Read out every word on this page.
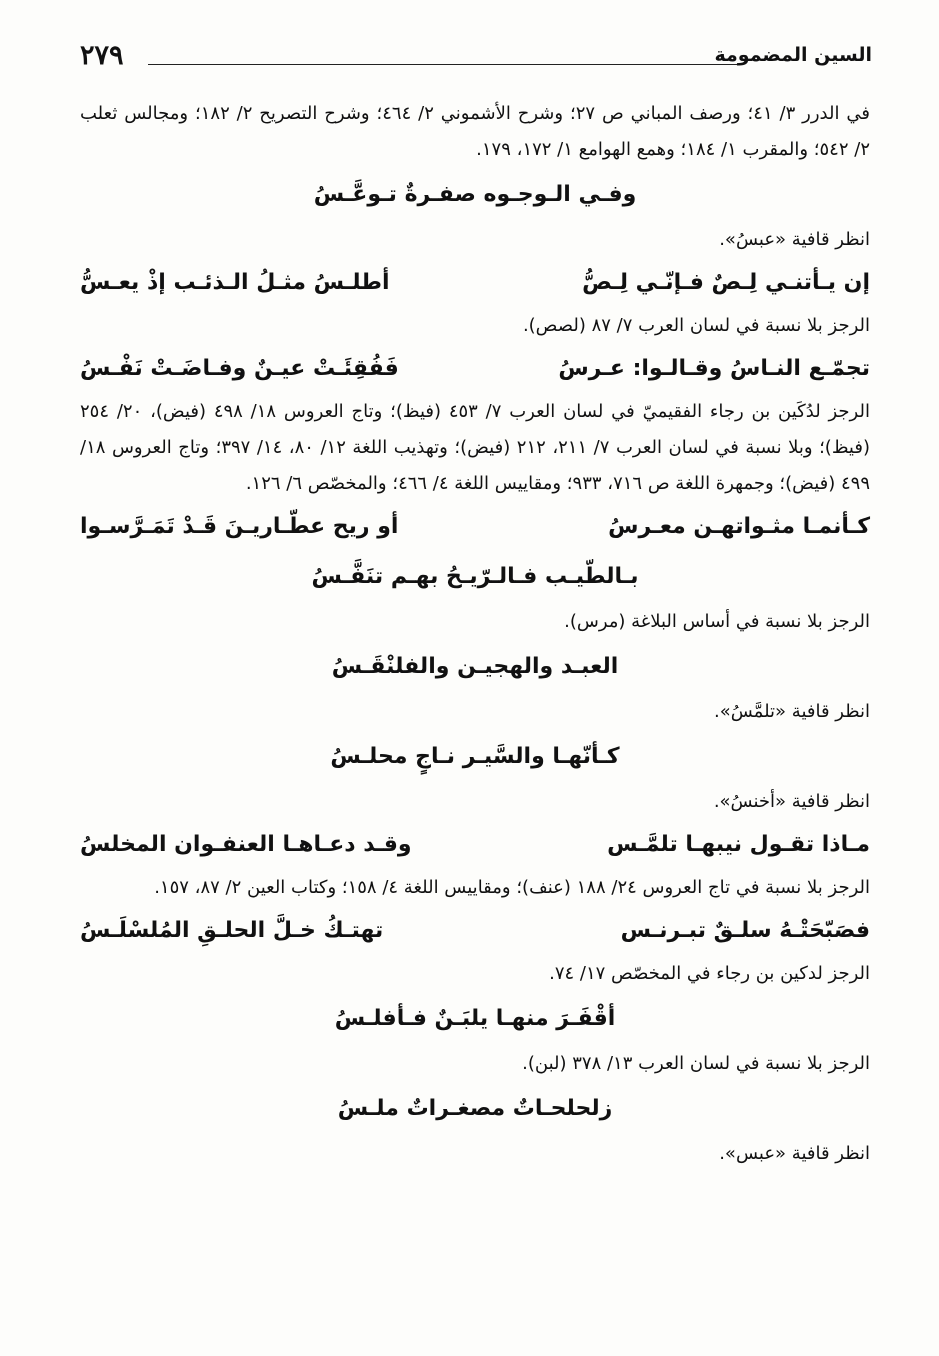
٢٧٩	السين المضمومة

في الدرر ٣/ ٤١؛ ورصف المباني ص ٢٧؛ وشرح الأشموني ٢/ ٤٦٤؛ وشرح التصريح ٢/ ١٨٢؛ ومجالس ثعلب ٢/ ٥٤٢؛ والمقرب ١/ ١٨٤؛ وهمع الهوامع ١/ ١٧٢، ١٧٩.

وفـي الـوجـوه صفـرةٌ تـوعَّـسُ

انظر قافية «عبسُ».

إن يـأتنـي لِـصٌ فـإنّـي لِـصُّ
أطلـسُ مثـلُ الـذئـب إذْ يعـسُّ

الرجز بلا نسبة في لسان العرب ٧/ ٨٧ (لصص).

تجمّـع النـاسُ وقـالـوا: عـرسُ
فَفُقِئَـتْ عيـنٌ وفـاضَـتْ نَفْـسُ

الرجز لدُكَين بن رجاء الفقيميّ في لسان العرب ٧/ ٤٥٣ (فيظ)؛ وتاج العروس ١٨/ ٤٩٨ (فيض)، ٢٠/ ٢٥٤ (فيظ)؛ وبلا نسبة في لسان العرب ٧/ ٢١١، ٢١٢ (فيض)؛ وتهذيب اللغة ١٢/ ٨٠، ١٤/ ٣٩٧؛ وتاج العروس ١٨/ ٤٩٩ (فيض)؛ وجمهرة اللغة ص ٧١٦، ٩٣٣؛ ومقاييس اللغة ٤/ ٤٦٦؛ والمخصّص ٦/ ١٢٦.

كـأنمـا مثـواتهـن معـرسُ
أو ريح عطّـاريـنَ قَـدْ تَمَـرَّسـوا
بـالطّيـب فـالـرّيـحُ بهـم تنَفَّـسُ

الرجز بلا نسبة في أساس البلاغة (مرس).

العبـد والهجيـن والفلنْقَـسُ

انظر قافية «تلمَّسُ».

كـأنّهـا والسَّيـر نـاجٍ محلـسُ

انظر قافية «أخنسُ».

مـاذا تقـول نيبهـا تلمَّـس
وقـد دعـاهـا العنفـوان المخلسُ

الرجز بلا نسبة في تاج العروس ٢٤/ ١٨٨ (عنف)؛ ومقاييس اللغة ٤/ ١٥٨؛ وكتاب العين ٢/ ٨٧، ١٥٧.

فصَبّحَتْـهُ سلـقٌ تبـرنـس
تهتـكُ خـلَّ الحلـقِ المُلسْلَـسُ

الرجز لدكين بن رجاء في المخصّص ١٧/ ٧٤.

أقْفَـرَ منهـا يلبَـنٌ فـأفلـسُ

الرجز بلا نسبة في لسان العرب ١٣/ ٣٧٨ (لبن).

زلحلحـاتٌ مصغـراتٌ ملـسُ

انظر قافية «عبس».
